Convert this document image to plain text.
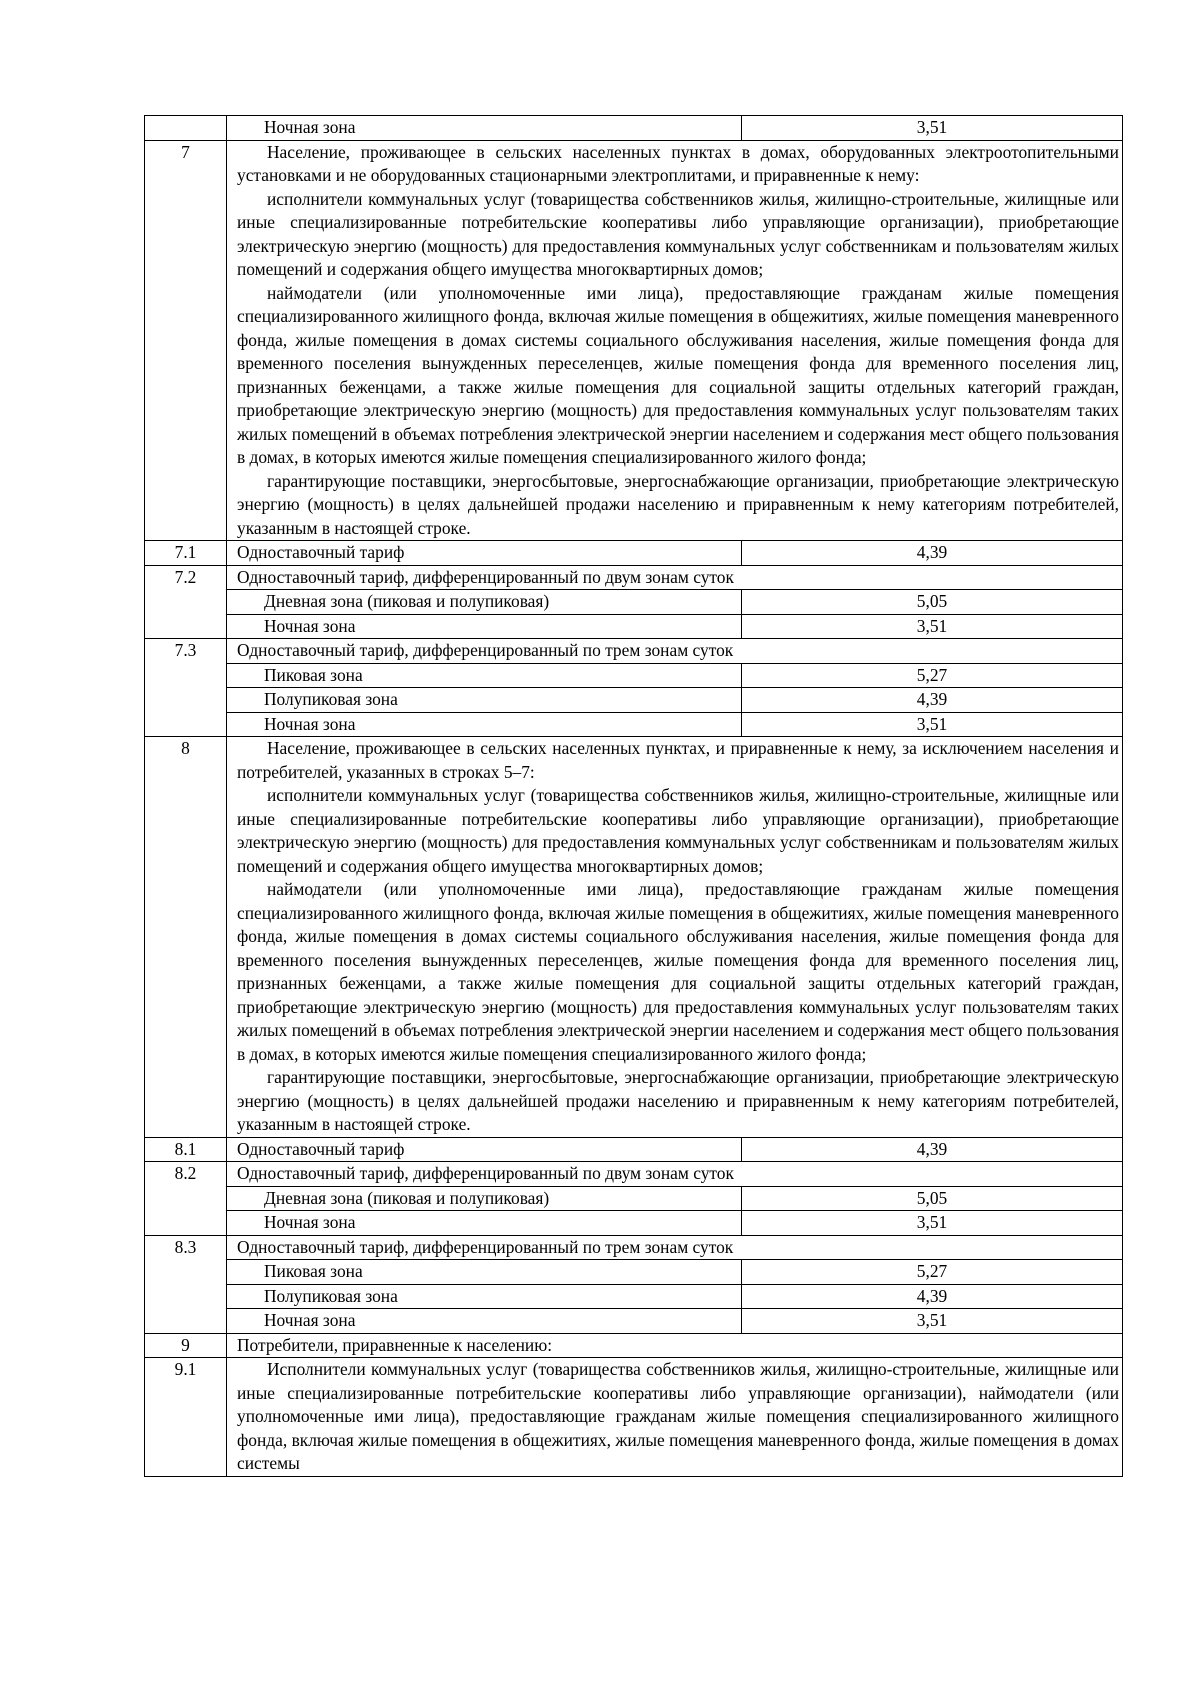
	Ночная зона	3,51
7	Население, проживающее в сельских населенных пунктах в домах, оборудованных электроотопительными установками и не оборудованных стационарными электроплитами, и приравненные к нему:

исполнители коммунальных услуг (товарищества собственников жилья, жилищно-строительные, жилищные или иные специализированные потребительские кооперативы либо управляющие организации), приобретающие электрическую энергию (мощность) для предоставления коммунальных услуг собственникам и пользователям жилых помещений и содержания общего имущества многоквартирных домов;

наймодатели (или уполномоченные ими лица), предоставляющие гражданам жилые помещения специализированного жилищного фонда, включая жилые помещения в общежитиях, жилые помещения маневренного фонда, жилые помещения в домах системы социального обслуживания населения, жилые помещения фонда для временного поселения вынужденных переселенцев, жилые помещения фонда для временного поселения лиц, признанных беженцами, а также жилые помещения для социальной защиты отдельных категорий граждан, приобретающие электрическую энергию (мощность) для предоставления коммунальных услуг пользователям таких жилых помещений в объемах потребления электрической энергии населением и содержания мест общего пользования в домах, в которых имеются жилые помещения специализированного жилого фонда;

гарантирующие поставщики, энергосбытовые, энергоснабжающие организации, приобретающие электрическую энергию (мощность) в целях дальнейшей продажи населению и приравненным к нему категориям потребителей, указанным в настоящей строке.	

7.1	Одноставочный тариф	4,39
7.2	Одноставочный тариф, дифференцированный по двум зонам суток	
	Дневная зона (пиковая и полупиковая)	5,05
	Ночная зона	3,51
7.3	Одноставочный тариф, дифференцированный по трем зонам суток	
	Пиковая зона	5,27
	Полупиковая зона	4,39
	Ночная зона	3,51
8	Население, проживающее в сельских населенных пунктах, и приравненные к нему, за исключением населения и потребителей, указанных в строках 5–7:

исполнители коммунальных услуг (товарищества собственников жилья, жилищно-строительные, жилищные или иные специализированные потребительские кооперативы либо управляющие организации), приобретающие электрическую энергию (мощность) для предоставления коммунальных услуг собственникам и пользователям жилых помещений и содержания общего имущества многоквартирных домов;

наймодатели (или уполномоченные ими лица), предоставляющие гражданам жилые помещения специализированного жилищного фонда, включая жилые помещения в общежитиях, жилые помещения маневренного фонда, жилые помещения в домах системы социального обслуживания населения, жилые помещения фонда для временного поселения вынужденных переселенцев, жилые помещения фонда для временного поселения лиц, признанных беженцами, а также жилые помещения для социальной защиты отдельных категорий граждан, приобретающие электрическую энергию (мощность) для предоставления коммунальных услуг пользователям таких жилых помещений в объемах потребления электрической энергии населением и содержания мест общего пользования в домах, в которых имеются жилые помещения специализированного жилого фонда;

гарантирующие поставщики, энергосбытовые, энергоснабжающие организации, приобретающие электрическую энергию (мощность) в целях дальнейшей продажи населению и приравненным к нему категориям потребителей, указанным в настоящей строке.	

8.1	Одноставочный тариф	4,39
8.2	Одноставочный тариф, дифференцированный по двум зонам суток	
	Дневная зона (пиковая и полупиковая)	5,05
	Ночная зона	3,51
8.3	Одноставочный тариф, дифференцированный по трем зонам суток	
	Пиковая зона	5,27
	Полупиковая зона	4,39
	Ночная зона	3,51
9	Потребители, приравненные к населению:	
9.1	Исполнители коммунальных услуг (товарищества собственников жилья, жилищно-строительные, жилищные или иные специализированные потребительские кооперативы либо управляющие организации), наймодатели (или уполномоченные ими лица), предоставляющие гражданам жилые помещения специализированного жилищного фонда, включая жилые помещения в общежитиях, жилые помещения маневренного фонда, жилые помещения в домах системы	
